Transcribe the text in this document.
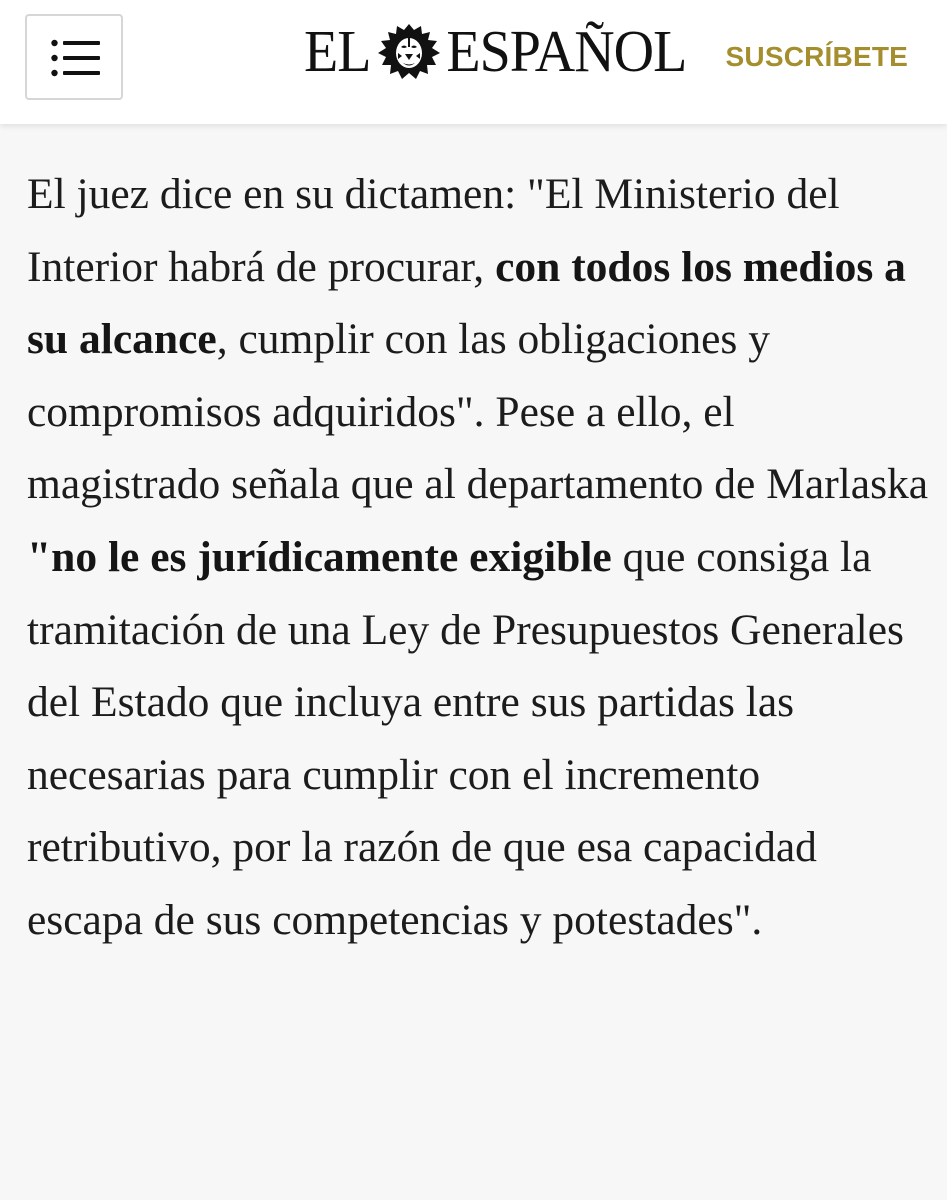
EL ESPAÑOL SUSCRÍBETE

El juez dice en su dictamen: "El Ministerio del Interior habrá de procurar, con todos los medios a su alcance, cumplir con las obligaciones y compromisos adquiridos". Pese a ello, el magistrado señala que al departamento de Marlaska "no le es jurídicamente exigible que consiga la tramitación de una Ley de Presupuestos Generales del Estado que incluya entre sus partidas las necesarias para cumplir con el incremento retributivo, por la razón de que esa capacidad escapa de sus competencias y potestades".
